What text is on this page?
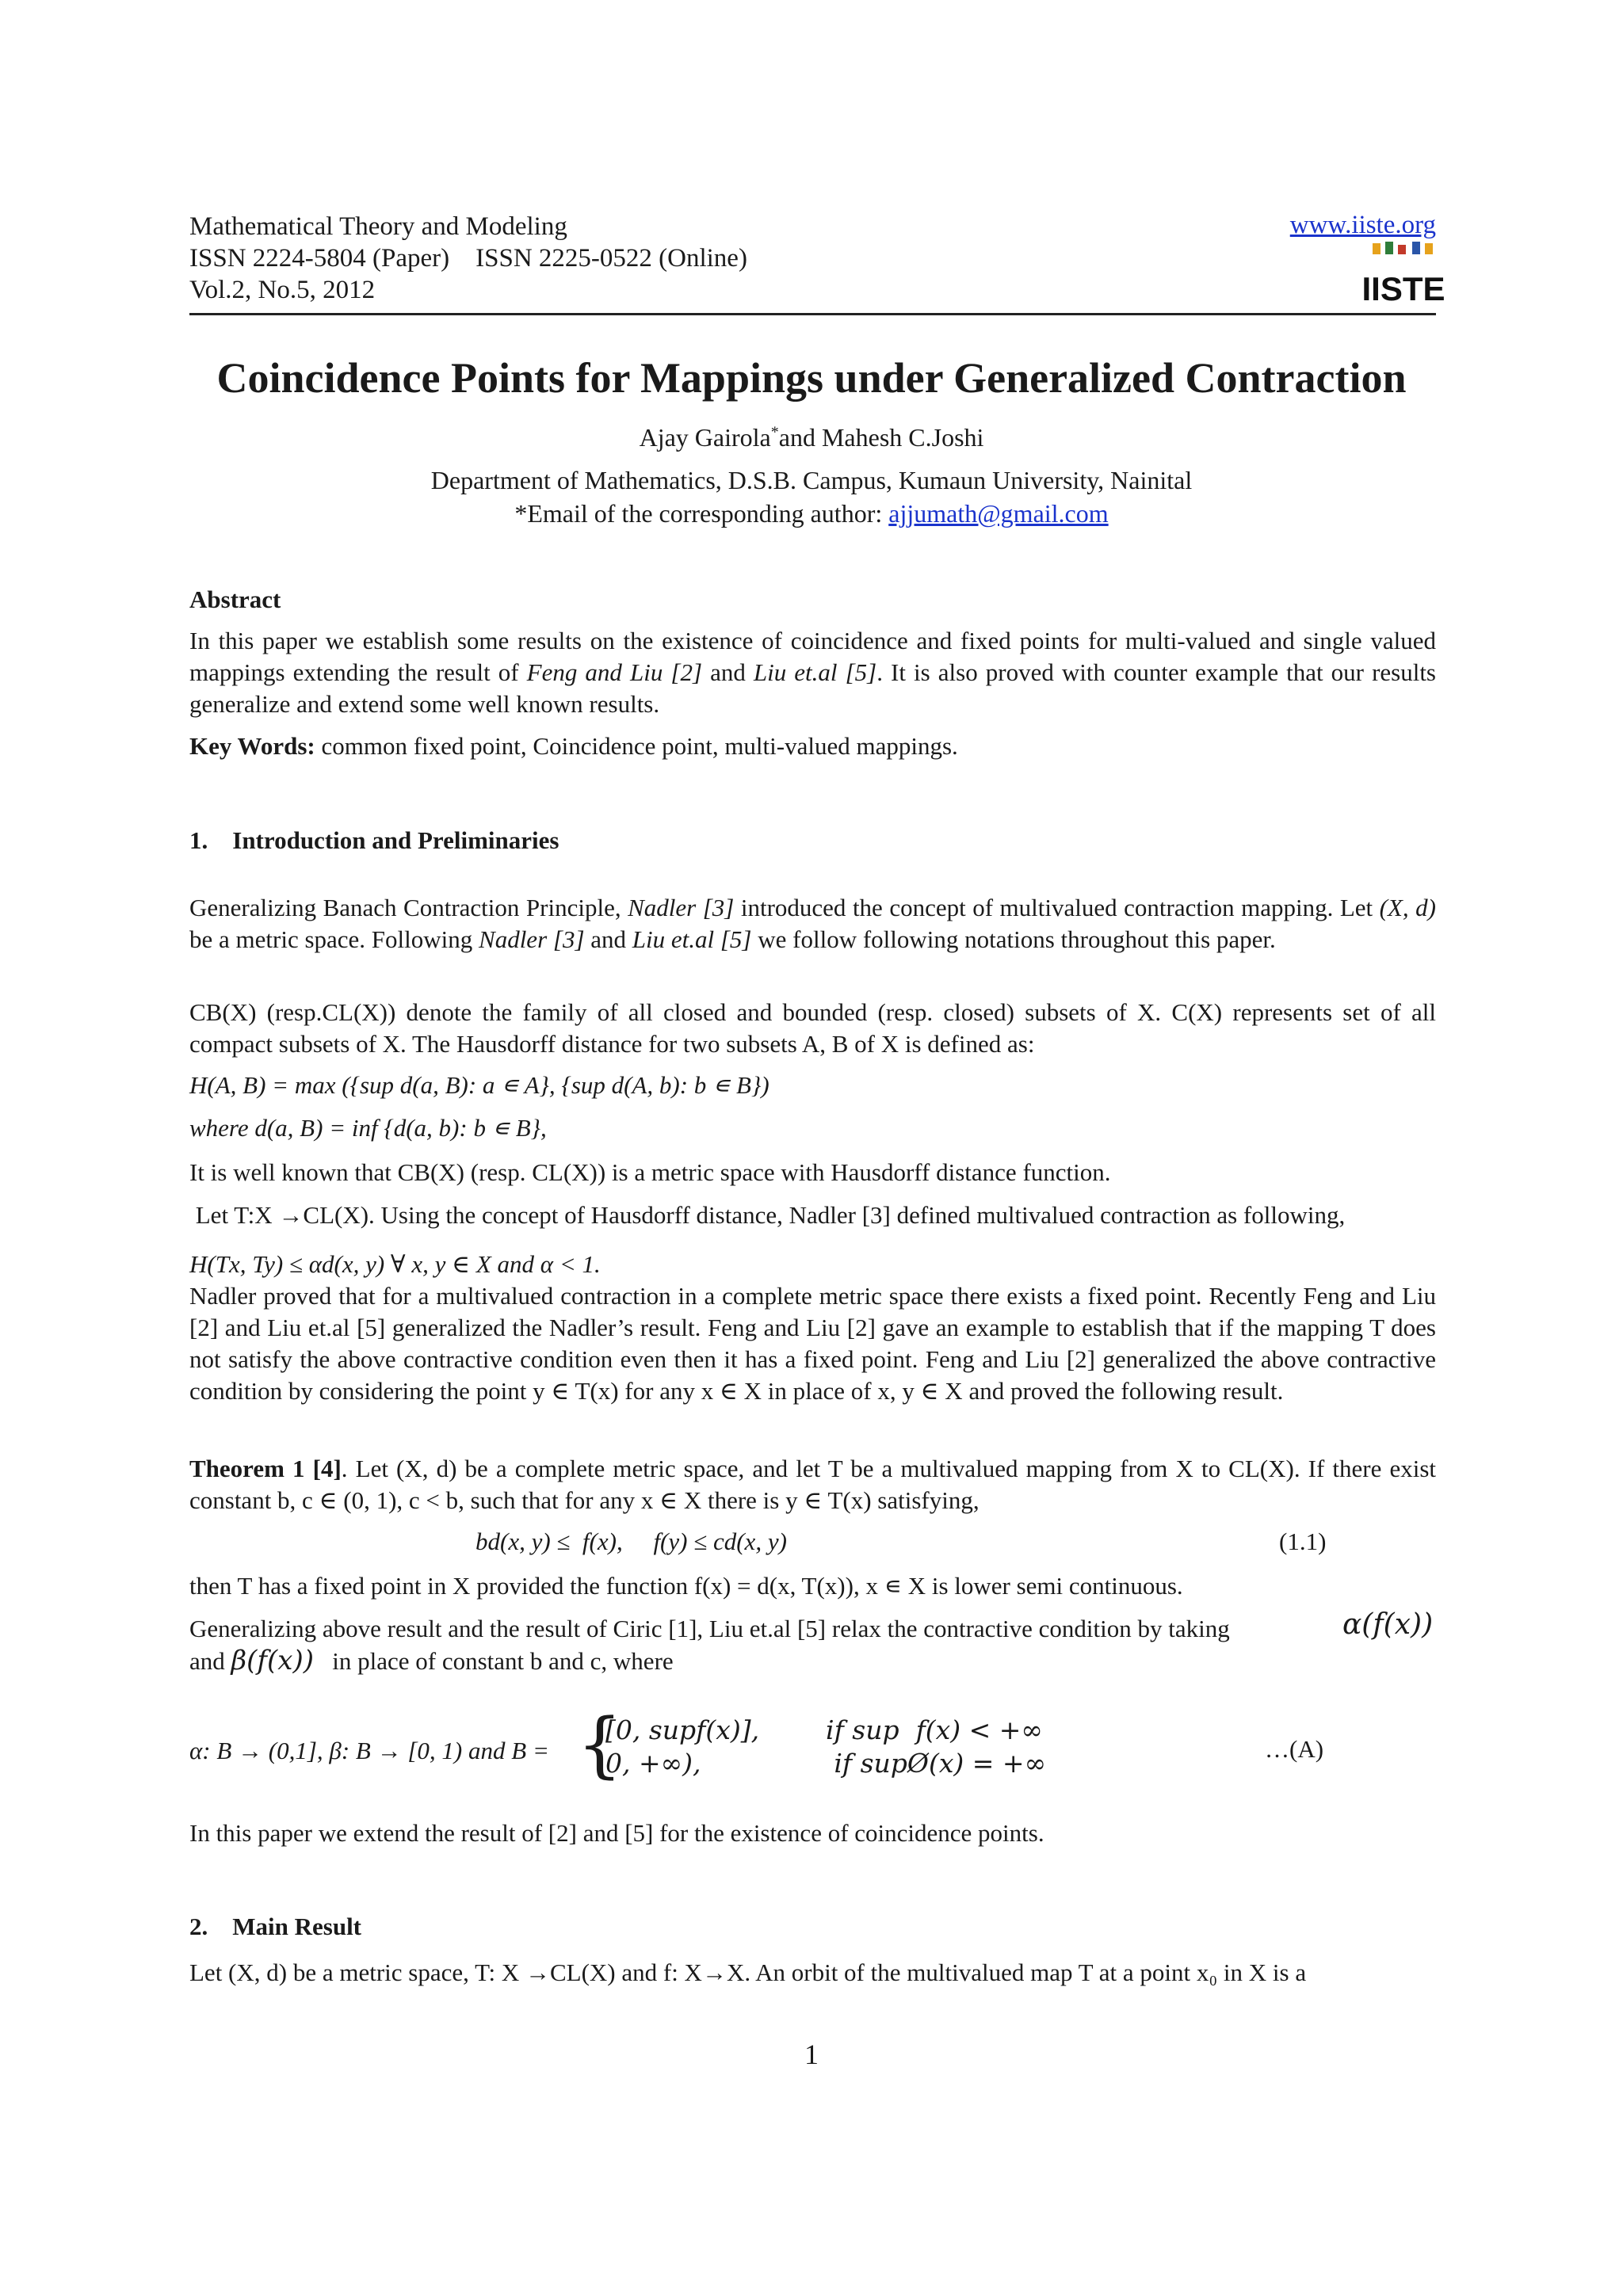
Mathematical Theory and Modeling
ISSN 2224-5804 (Paper)    ISSN 2225-0522 (Online)
Vol.2, No.5, 2012
www.iiste.org
IISTE
Coincidence Points for Mappings under Generalized Contraction
Ajay Gairola*and Mahesh C.Joshi
Department of Mathematics, D.S.B. Campus, Kumaun University, Nainital
*Email of the corresponding author: ajjumath@gmail.com
Abstract
In this paper we establish some results on the existence of coincidence and fixed points for multi-valued and single valued mappings extending the result of Feng and Liu [2] and Liu et.al [5]. It is also proved with counter example that our results generalize and extend some well known results.
Key Words: common fixed point, Coincidence point, multi-valued mappings.
1.    Introduction and Preliminaries
Generalizing Banach Contraction Principle, Nadler [3] introduced the concept of multivalued contraction mapping. Let (X, d) be a metric space. Following Nadler [3] and Liu et.al [5] we follow following notations throughout this paper.
CB(X) (resp.CL(X)) denote the family of all closed and bounded (resp. closed) subsets of X. C(X) represents set of all compact subsets of X. The Hausdorff distance for two subsets A, B of X is defined as:
H(A, B) = max ({sup d(a, B): a ∊ A}, {sup d(A, b): b ∊ B})
where d(a, B) = inf {d(a, b): b ∊ B},
It is well known that CB(X) (resp. CL(X)) is a metric space with Hausdorff distance function.
Let T:X →CL(X). Using the concept of Hausdorff distance, Nadler [3] defined multivalued contraction as following,
H(Tx, Ty) ≤ αd(x, y) ∀ x, y ∈ X and α < 1.
Nadler proved that for a multivalued contraction in a complete metric space there exists a fixed point. Recently Feng and Liu [2] and Liu et.al [5] generalized the Nadler’s result. Feng and Liu [2] gave an example to establish that if the mapping T does not satisfy the above contractive condition even then it has a fixed point. Feng and Liu [2] generalized the above contractive condition by considering the point y ∈ T(x) for any x ∈ X in place of x, y ∈ X and proved the following result.
Theorem 1 [4]. Let (X, d) be a complete metric space, and let T be a multivalued mapping from X to CL(X). If there exist constant b, c ∈ (0, 1), c < b, such that for any x ∈ X there is y ∈ T(x) satisfying,
bd(x, y) ≤  f(x),     f(y) ≤ cd(x, y)	(1.1)
then T has a fixed point in X provided the function f(x) = d(x, T(x)), x ∊ X is lower semi continuous.
Generalizing above result and the result of Ciric [1], Liu et.al [5] relax the contractive condition by taking	α(f(x))
and β(f(x)) in place of constant b and c, where
α: B → (0,1], β: B → [0, 1) and B = {
[0, supf(x)],        if sup  f(x) < +∞
0, +∞),                if supØ(x) = +∞	…(A)
In this paper we extend the result of [2] and [5] for the existence of coincidence points.
2.    Main Result
Let (X, d) be a metric space, T: X →CL(X) and f: X→X. An orbit of the multivalued map T at a point x₀ in X is a
1
